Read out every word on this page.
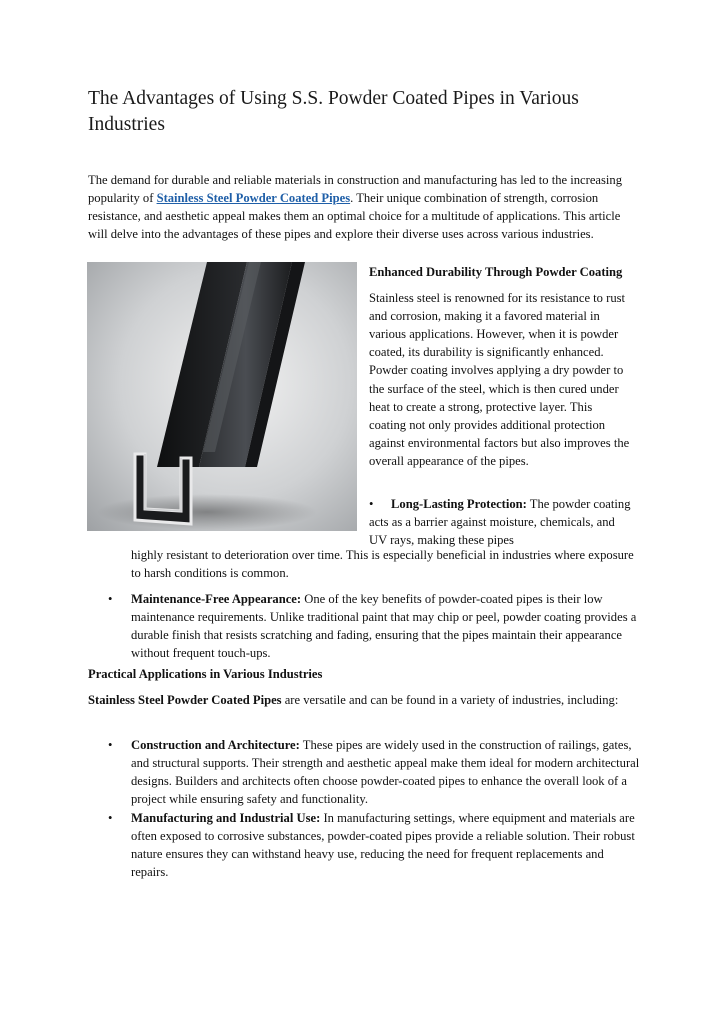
The Advantages of Using S.S. Powder Coated Pipes in Various Industries

The demand for durable and reliable materials in construction and manufacturing has led to the increasing popularity of Stainless Steel Powder Coated Pipes. Their unique combination of strength, corrosion resistance, and aesthetic appeal makes them an optimal choice for a multitude of applications. This article will delve into the advantages of these pipes and explore their diverse uses across various industries.

Enhanced Durability Through Powder Coating

Stainless steel is renowned for its resistance to rust and corrosion, making it a favored material in various applications. However, when it is powder coated, its durability is significantly enhanced. Powder coating involves applying a dry powder to the surface of the steel, which is then cured under heat to create a strong, protective layer. This coating not only provides additional protection against environmental factors but also improves the overall appearance of the pipes.

• Long-Lasting Protection: The powder coating acts as a barrier against moisture, chemicals, and UV rays, making these pipes

highly resistant to deterioration over time. This is especially beneficial in industries where exposure to harsh conditions is common.

•	Maintenance-Free Appearance: One of the key benefits of powder-coated pipes is their low maintenance requirements. Unlike traditional paint that may chip or peel, powder coating provides a durable finish that resists scratching and fading, ensuring that the pipes maintain their appearance without frequent touch-ups.

Practical Applications in Various Industries

Stainless Steel Powder Coated Pipes are versatile and can be found in a variety of industries, including:

•	Construction and Architecture: These pipes are widely used in the construction of railings, gates, and structural supports. Their strength and aesthetic appeal make them ideal for modern architectural designs. Builders and architects often choose powder-coated pipes to enhance the overall look of a project while ensuring safety and functionality.

•	Manufacturing and Industrial Use: In manufacturing settings, where equipment and materials are often exposed to corrosive substances, powder-coated pipes provide a reliable solution. Their robust nature ensures they can withstand heavy use, reducing the need for frequent replacements and repairs.
